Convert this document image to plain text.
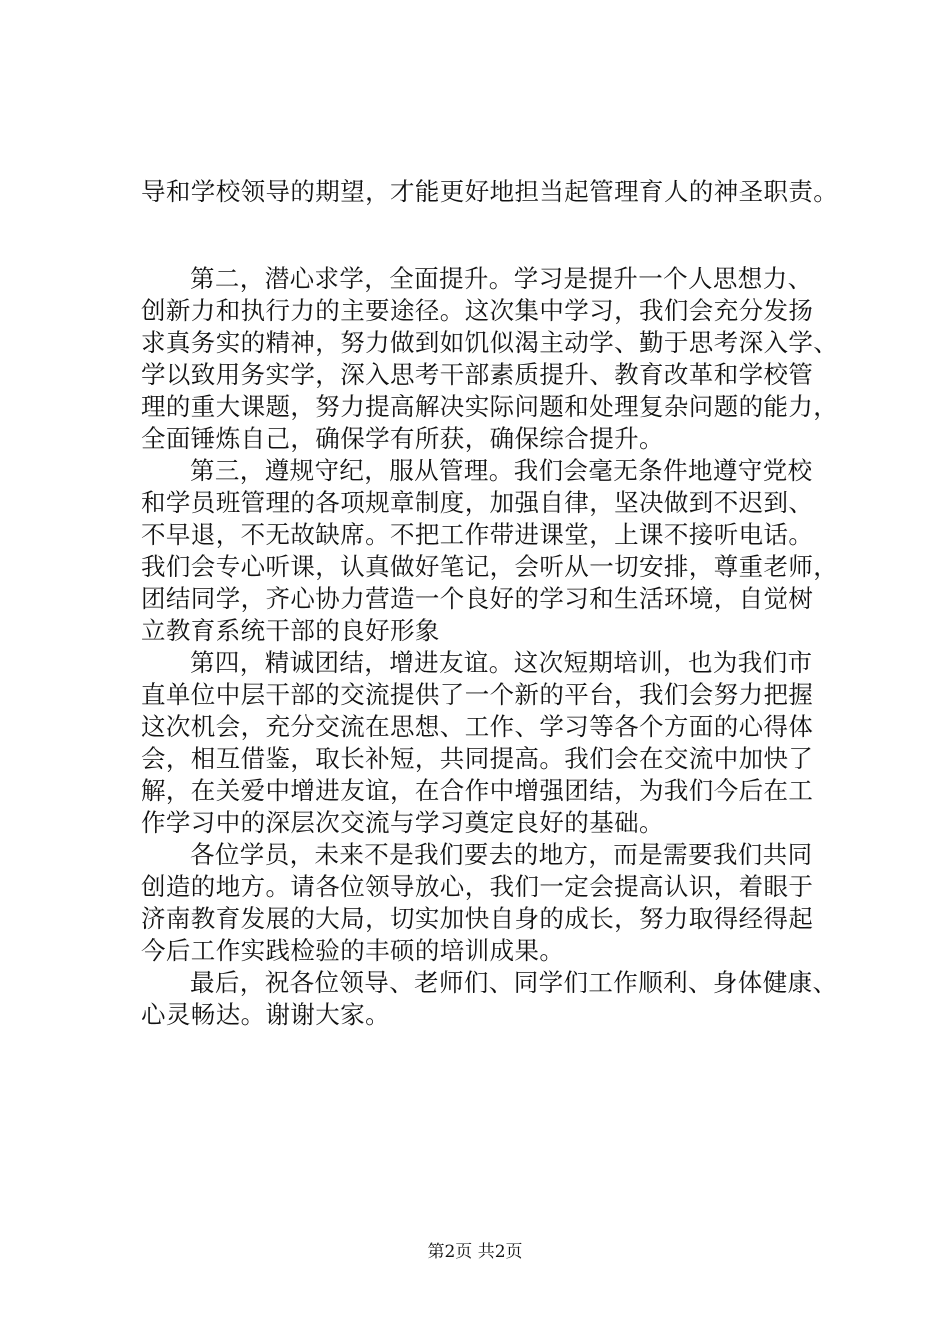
导和学校领导的期望，才能更好地担当起管理育人的神圣职责。
第二，潜心求学，全面提升。学习是提升一个人思想力、
创新力和执行力的主要途径。这次集中学习，我们会充分发扬
求真务实的精神，努力做到如饥似渴主动学、勤于思考深入学、
学以致用务实学，深入思考干部素质提升、教育改革和学校管
理的重大课题，努力提高解决实际问题和处理复杂问题的能力，
全面锤炼自己，确保学有所获，确保综合提升。
第三，遵规守纪，服从管理。我们会毫无条件地遵守党校
和学员班管理的各项规章制度，加强自律，坚决做到不迟到、
不早退，不无故缺席。不把工作带进课堂，上课不接听电话。
我们会专心听课，认真做好笔记，会听从一切安排，尊重老师，
团结同学，齐心协力营造一个良好的学习和生活环境，自觉树
立教育系统干部的良好形象
第四，精诚团结，增进友谊。这次短期培训，也为我们市
直单位中层干部的交流提供了一个新的平台，我们会努力把握
这次机会，充分交流在思想、工作、学习等各个方面的心得体
会，相互借鉴，取长补短，共同提高。我们会在交流中加快了
解，在关爱中增进友谊，在合作中增强团结，为我们今后在工
作学习中的深层次交流与学习奠定良好的基础。
各位学员，未来不是我们要去的地方，而是需要我们共同
创造的地方。请各位领导放心，我们一定会提高认识，着眼于
济南教育发展的大局，切实加快自身的成长，努力取得经得起
今后工作实践检验的丰硕的培训成果。
最后，祝各位领导、老师们、同学们工作顺利、身体健康、
心灵畅达。谢谢大家。
第2页 共2页
